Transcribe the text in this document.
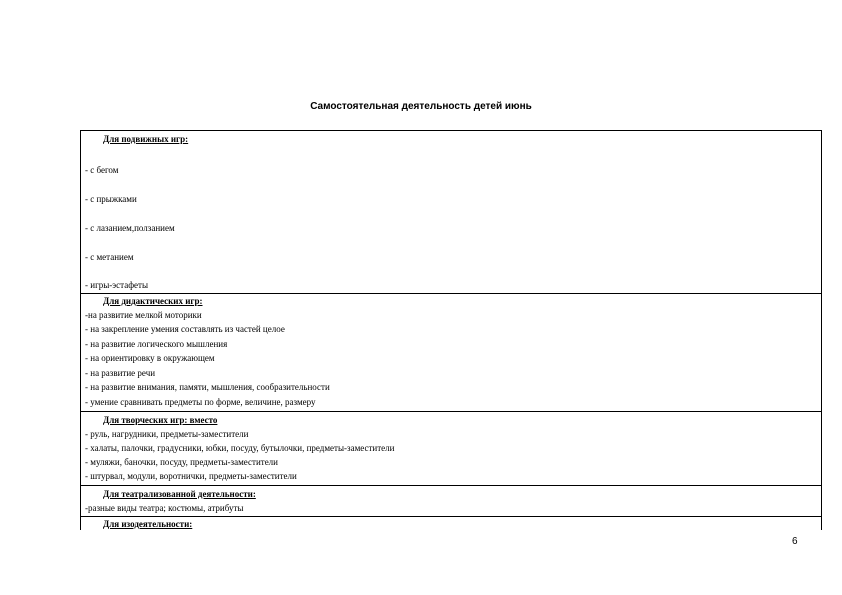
Самостоятельная деятельность детей июнь
Для подвижных игр:
- с бегом
- с прыжками
- с лазанием,ползанием
- с метанием
- игры-эстафеты
Для дидактических игр:
-на развитие мелкой моторики
- на закрепление умения составлять из частей целое
- на развитие логического мышления
- на ориентировку в окружающем
- на развитие речи
- на развитие внимания, памяти, мышления, сообразительности
- умение сравнивать предметы по форме, величине, размеру
Для творческих игр: вместо
- руль, нагрудники, предметы-заместители
- халаты, палочки, градусники, юбки, посуду, бутылочки, предметы-заместители
- муляжи, баночки, посуду, предметы-заместители
- штурвал, модули, воротнички, предметы-заместители
Для театрализованной деятельности:
-разные виды театра; костюмы, атрибуты
Для изодеятельности:
6
